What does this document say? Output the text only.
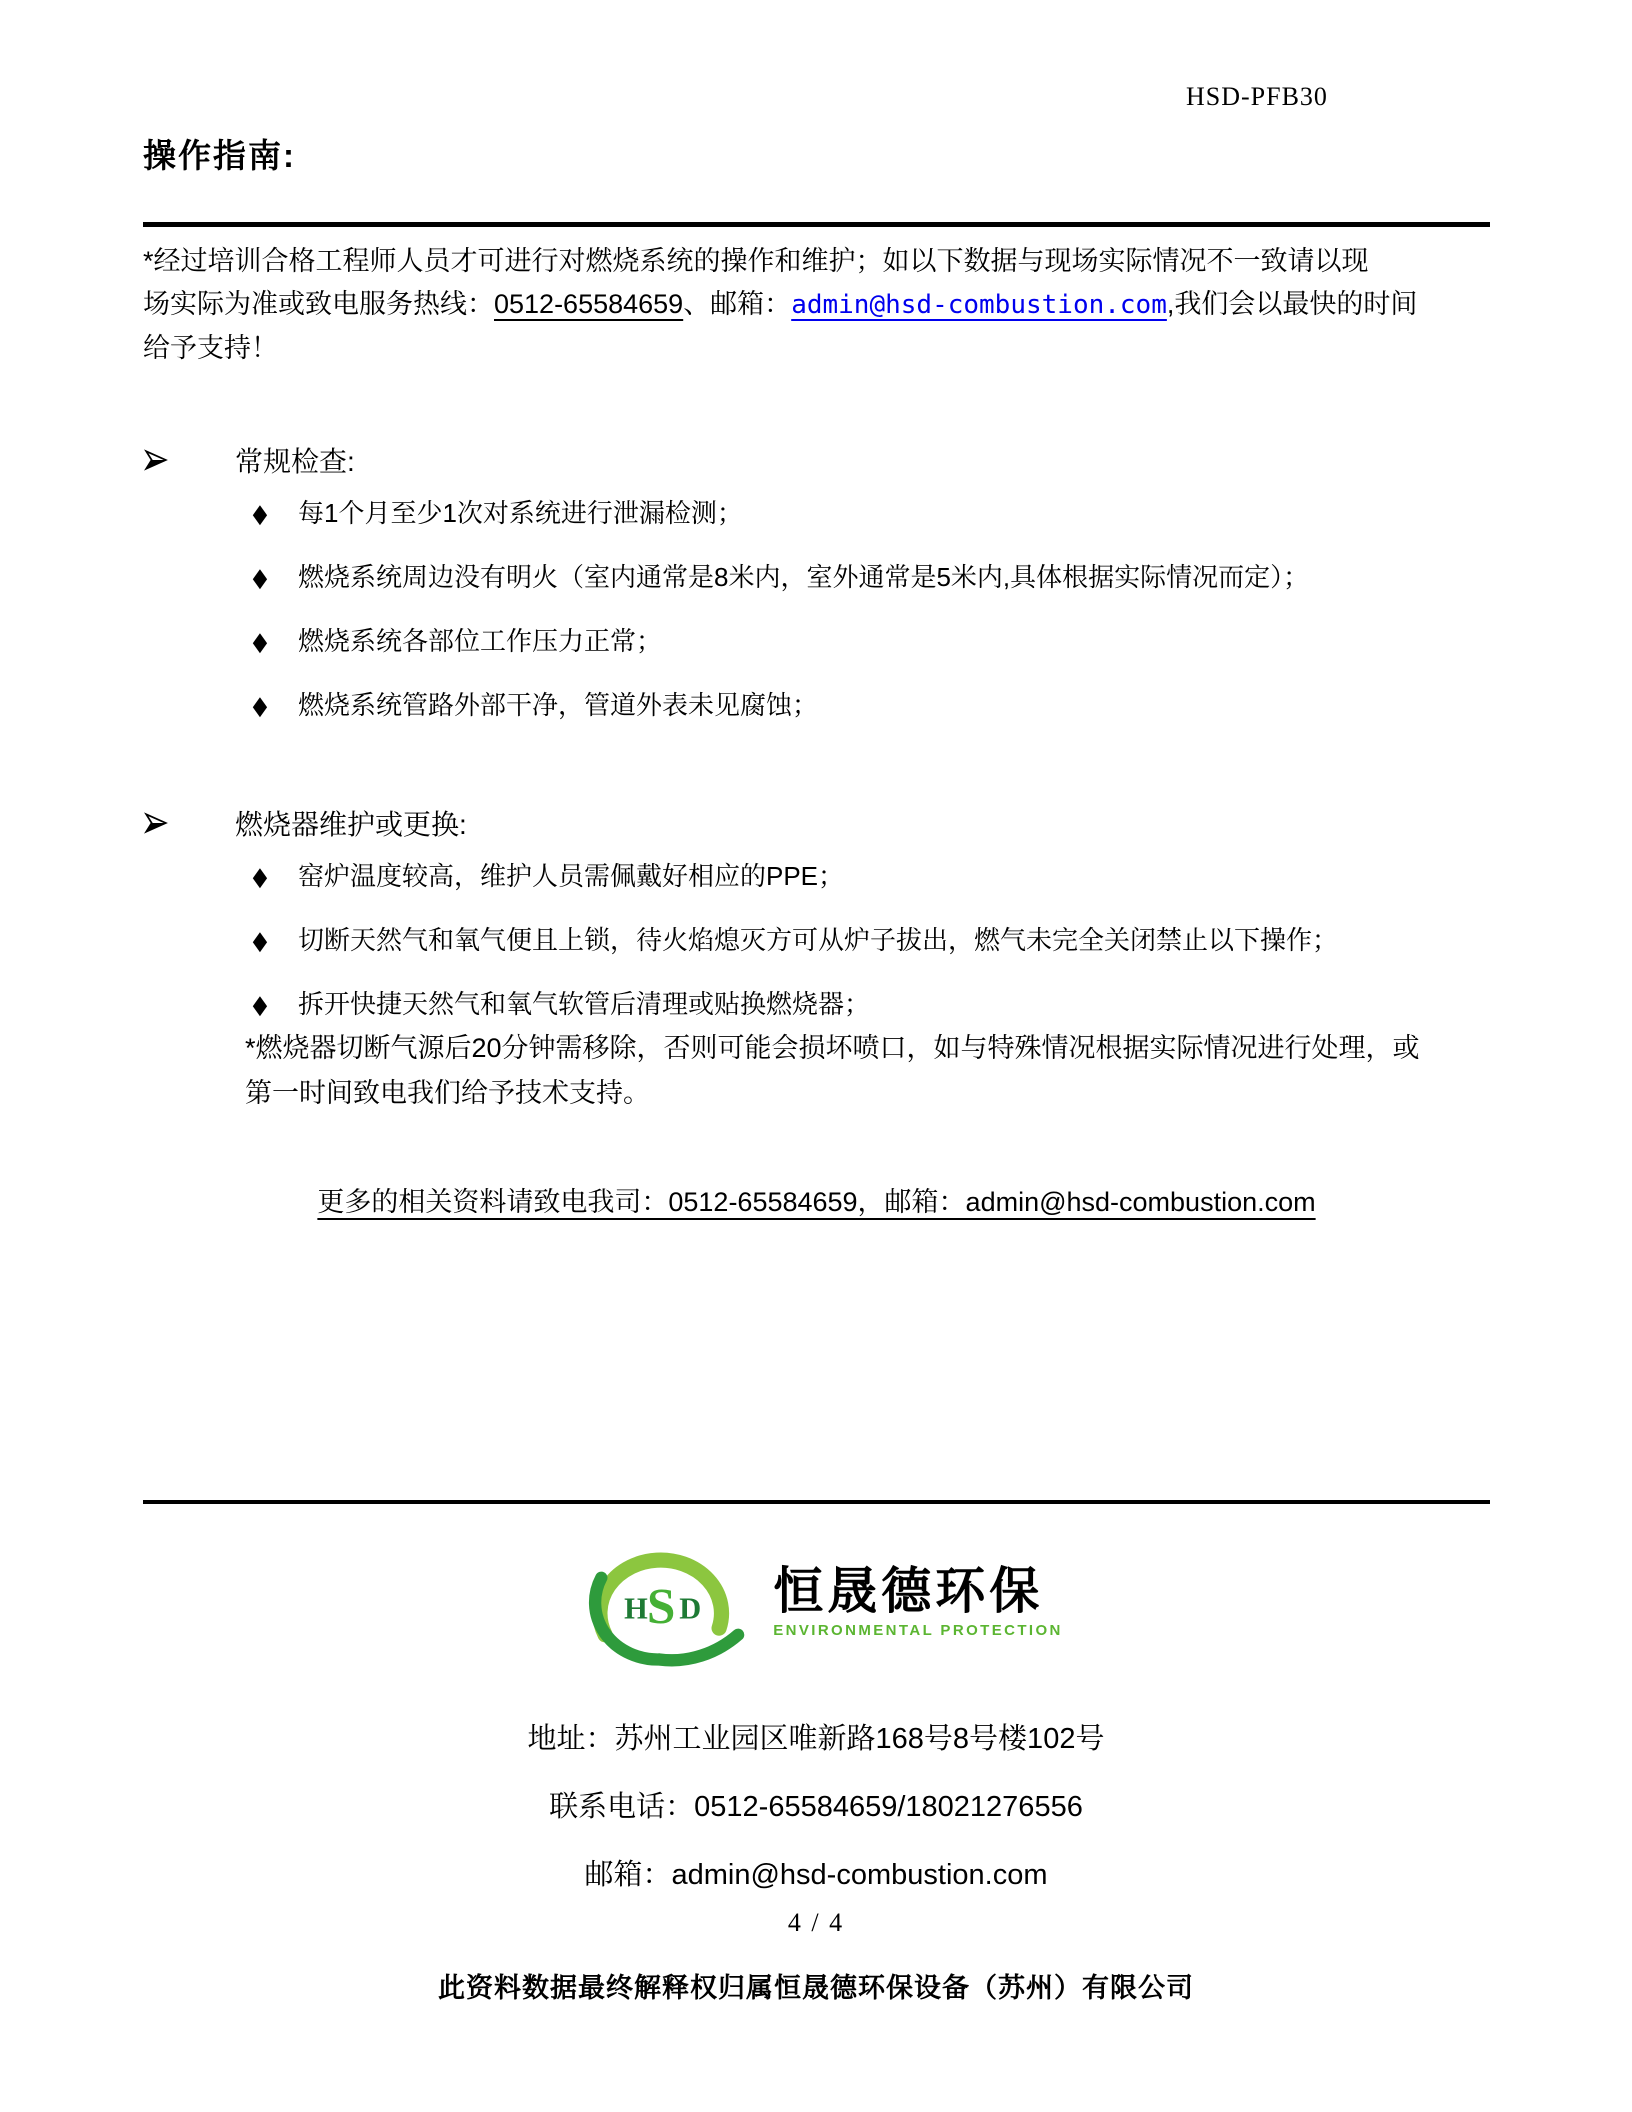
HSD-PFB30
操作指南:
*经过培训合格工程师人员才可进行对燃烧系统的操作和维护；如以下数据与现场实际情况不一致请以现
场实际为准或致电服务热线：0512-65584659、邮箱：admin@hsd-combustion.com,我们会以最快的时间
给予支持！
常规检查:
◆ 每1个月至少1次对系统进行泄漏检测；
◆ 燃烧系统周边没有明火（室内通常是8米内，室外通常是5米内,具体根据实际情况而定）；
◆ 燃烧系统各部位工作压力正常；
◆ 燃烧系统管路外部干净，管道外表未见腐蚀；
燃烧器维护或更换:
◆ 窑炉温度较高，维护人员需佩戴好相应的PPE；
◆ 切断天然气和氧气便且上锁，待火焰熄灭方可从炉子拔出，燃气未完全关闭禁止以下操作；
◆ 拆开快捷天然气和氧气软管后清理或贴换燃烧器；
*燃烧器切断气源后20分钟需移除，否则可能会损坏喷口，如与特殊情况根据实际情况进行处理，或
第一时间致电我们给予技术支持。
更多的相关资料请致电我司：0512-65584659，邮箱：admin@hsd-combustion.com
H S D 恒晟德环保
ENVIRONMENTAL PROTECTION
地址：苏州工业园区唯新路168号8号楼102号
联系电话：0512-65584659/18021276556
邮箱：admin@hsd-combustion.com
4 / 4
此资料数据最终解释权归属恒晟德环保设备（苏州）有限公司
